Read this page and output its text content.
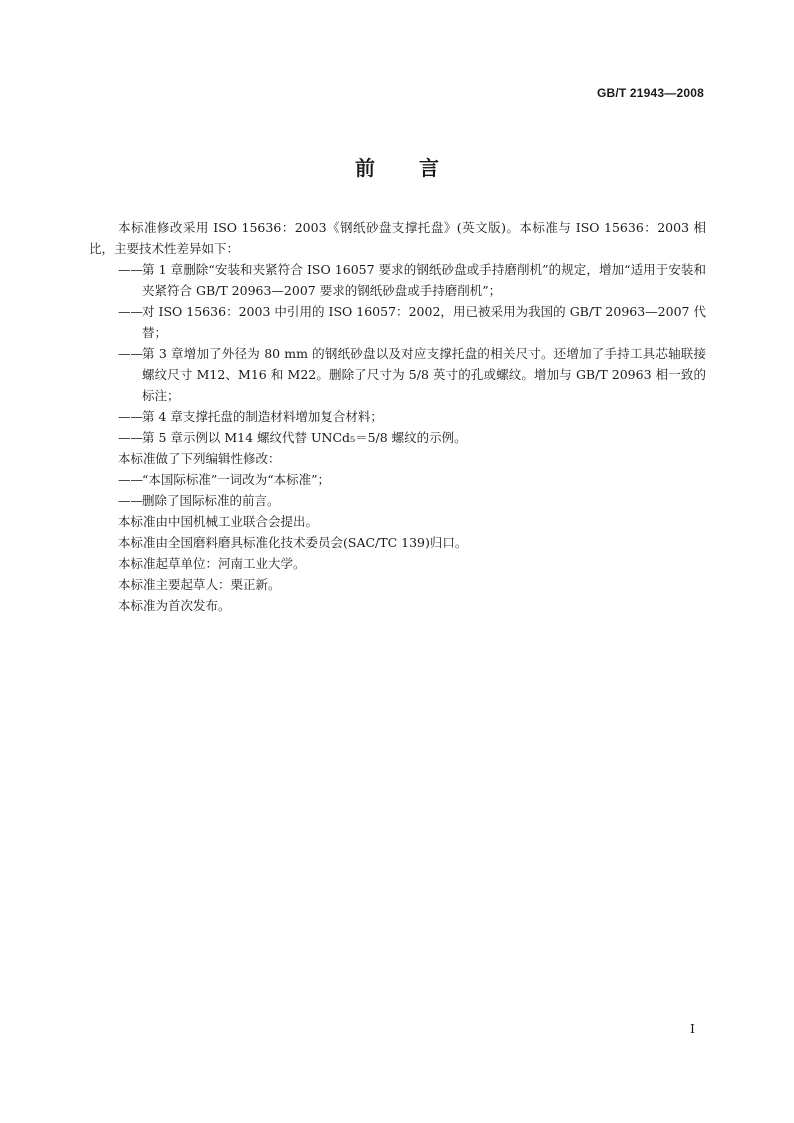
GB/T 21943—2008
前言

本标准修改采用 ISO 15636：2003《钢纸砂盘支撑托盘》(英文版)。本标准与 ISO 15636：2003 相比，主要技术性差异如下：

—— 第 1 章删除“安装和夹紧符合 ISO 16057 要求的钢纸砂盘或手持磨削机”的规定，增加“适用于安装和夹紧符合 GB/T 20963—2007 要求的钢纸砂盘或手持磨削机”；
—— 对 ISO 15636：2003 中引用的 ISO 16057：2002，用已被采用为我国的 GB/T 20963—2007 代替；
—— 第 3 章增加了外径为 80 mm 的钢纸砂盘以及对应支撑托盘的相关尺寸。还增加了手持工具芯轴联接螺纹尺寸 M12、M16 和 M22。删除了尺寸为 5/8 英寸的孔或螺纹。增加与 GB/T 20963 相一致的标注；
—— 第 4 章支撑托盘的制造材料增加复合材料；
—— 第 5 章示例以 M14 螺纹代替 UNCd₅＝5/8 螺纹的示例。

本标准做了下列编辑性修改：

—— “本国际标准”一词改为“本标准”；
—— 删除了国际标准的前言。

本标准由中国机械工业联合会提出。

本标准由全国磨料磨具标准化技术委员会(SAC/TC 139)归口。

本标准起草单位：河南工业大学。

本标准主要起草人：栗正新。

本标准为首次发布。

I
